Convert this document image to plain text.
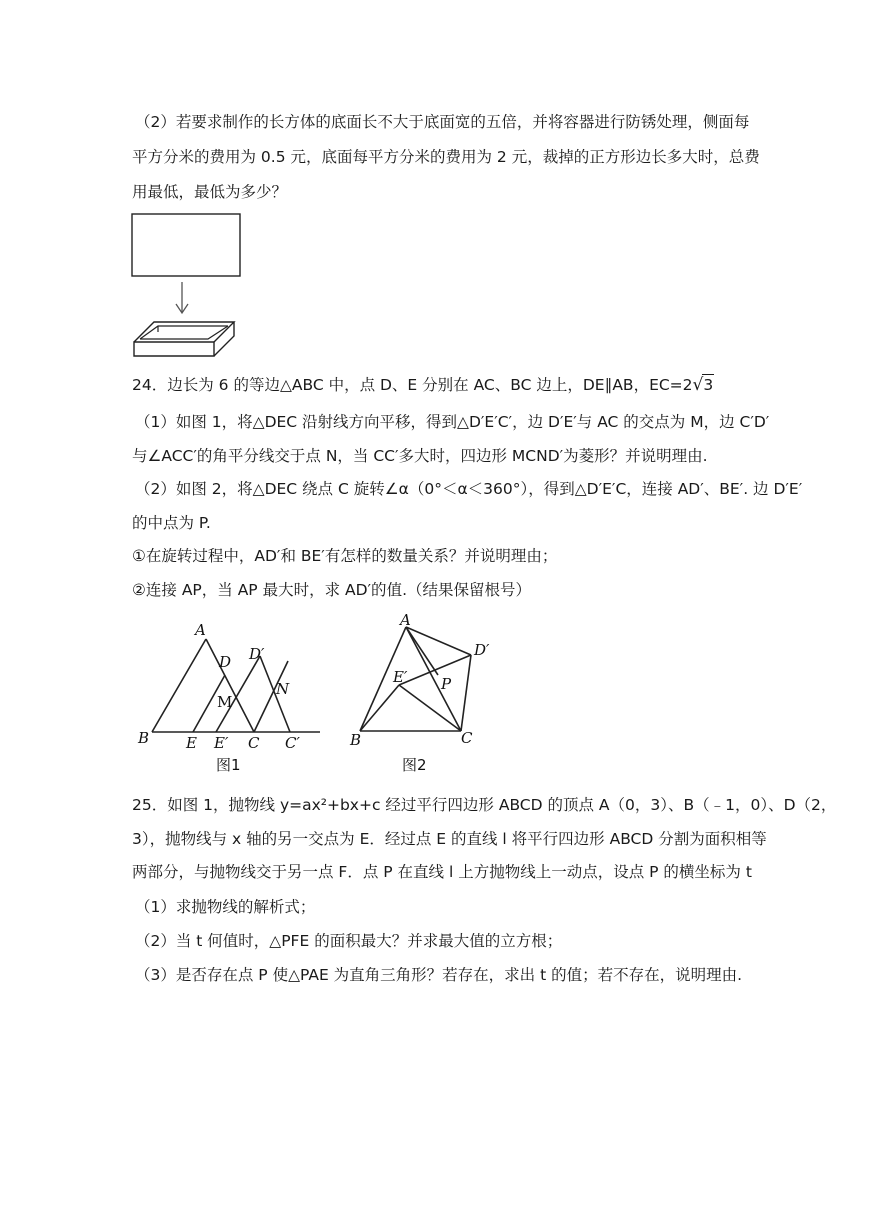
（2）若要求制作的长方体的底面长不大于底面宽的五倍，并将容器进行防锈处理，侧面每
平方分米的费用为 0.5 元，底面每平方分米的费用为 2 元，裁掉的正方形边长多大时，总费
用最低，最低为多少？
24．边长为 6 的等边△ABC 中，点 D、E 分别在 AC、BC 边上，DE∥AB，EC=2√3
（1）如图 1，将△DEC 沿射线方向平移，得到△D′E′C′，边 D′E′与 AC 的交点为 M，边 C′D′
与∠ACC′的角平分线交于点 N，当 CC′多大时，四边形 MCND′为菱形？并说明理由.
（2）如图 2，将△DEC 绕点 C 旋转∠α（0°＜α＜360°），得到△D′E′C，连接 AD′、BE′. 边 D′E′
的中点为 P.
①在旋转过程中，AD′和 BE′有怎样的数量关系？并说明理由；
②连接 AP，当 AP 最大时，求 AD′的值.（结果保留根号）
A
B
D D′
M
N
E E′ C C′
图1
A
D′
E′ P
B	C
图2
25．如图 1，抛物线 y=ax²+bx+c 经过平行四边形 ABCD 的顶点 A（0，3）、B（﹣1，0）、D（2，
3），抛物线与 x 轴的另一交点为 E．经过点 E 的直线 l 将平行四边形 ABCD 分割为面积相等
两部分，与抛物线交于另一点 F．点 P 在直线 l 上方抛物线上一动点，设点 P 的横坐标为 t
（1）求抛物线的解析式；
（2）当 t 何值时，△PFE 的面积最大？并求最大值的立方根；
（3）是否存在点 P 使△PAE 为直角三角形？若存在，求出 t 的值；若不存在，说明理由.
